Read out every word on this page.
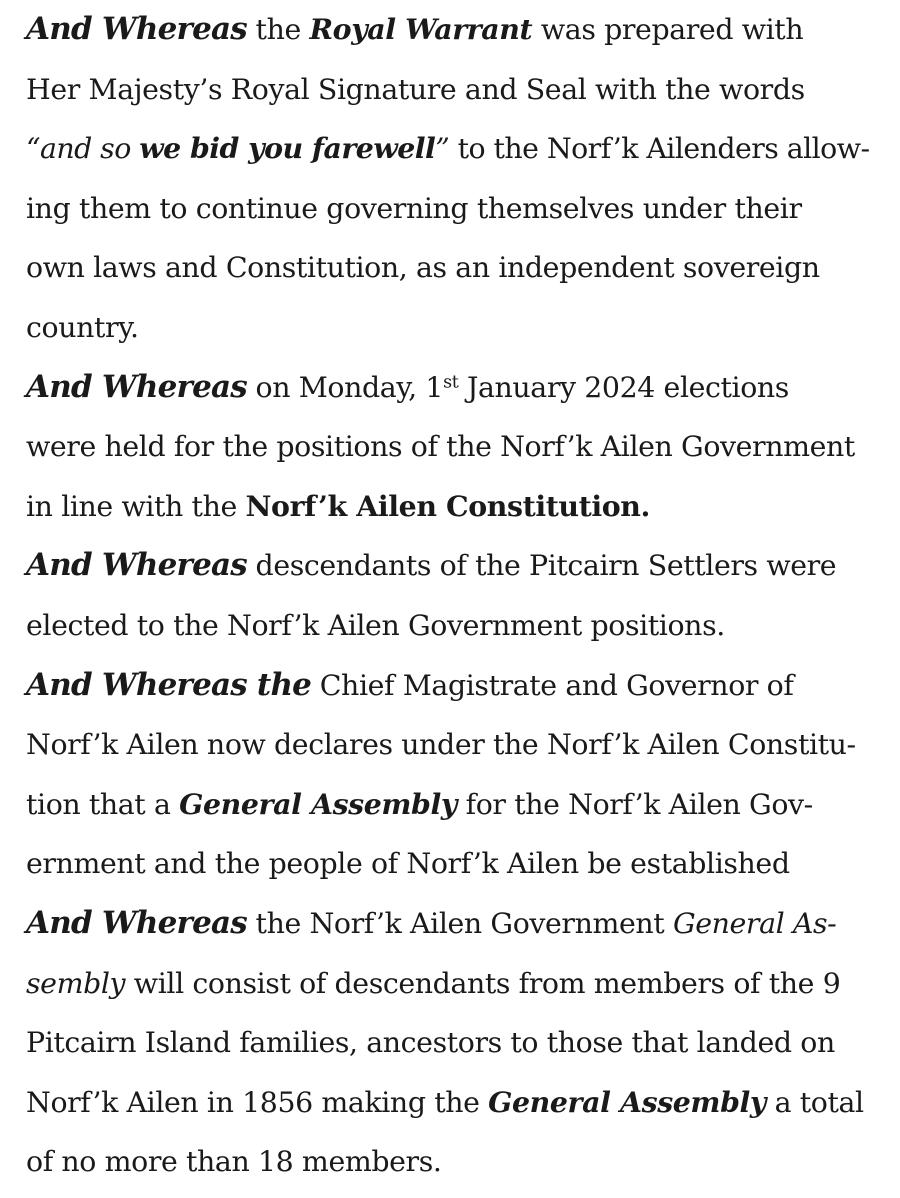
And Whereas the Royal Warrant was prepared with
Her Majesty’s Royal Signature and Seal with the words
“and so we bid you farewell” to the Norf’k Ailenders allow-
ing them to continue governing themselves under their
own laws and Constitution, as an independent sovereign
country.
And Whereas on Monday, 1st January 2024 elections
were held for the positions of the Norf’k Ailen Government
in line with the Norf’k Ailen Constitution.
And Whereas descendants of the Pitcairn Settlers were
elected to the Norf’k Ailen Government positions.
And Whereas the Chief Magistrate and Governor of
Norf’k Ailen now declares under the Norf’k Ailen Constitu-
tion that a General Assembly for the Norf’k Ailen Gov-
ernment and the people of Norf’k Ailen be established
And Whereas the Norf’k Ailen Government General As-
sembly will consist of descendants from members of the 9
Pitcairn Island families, ancestors to those that landed on
Norf’k Ailen in 1856 making the General Assembly a total
of no more than 18 members.
